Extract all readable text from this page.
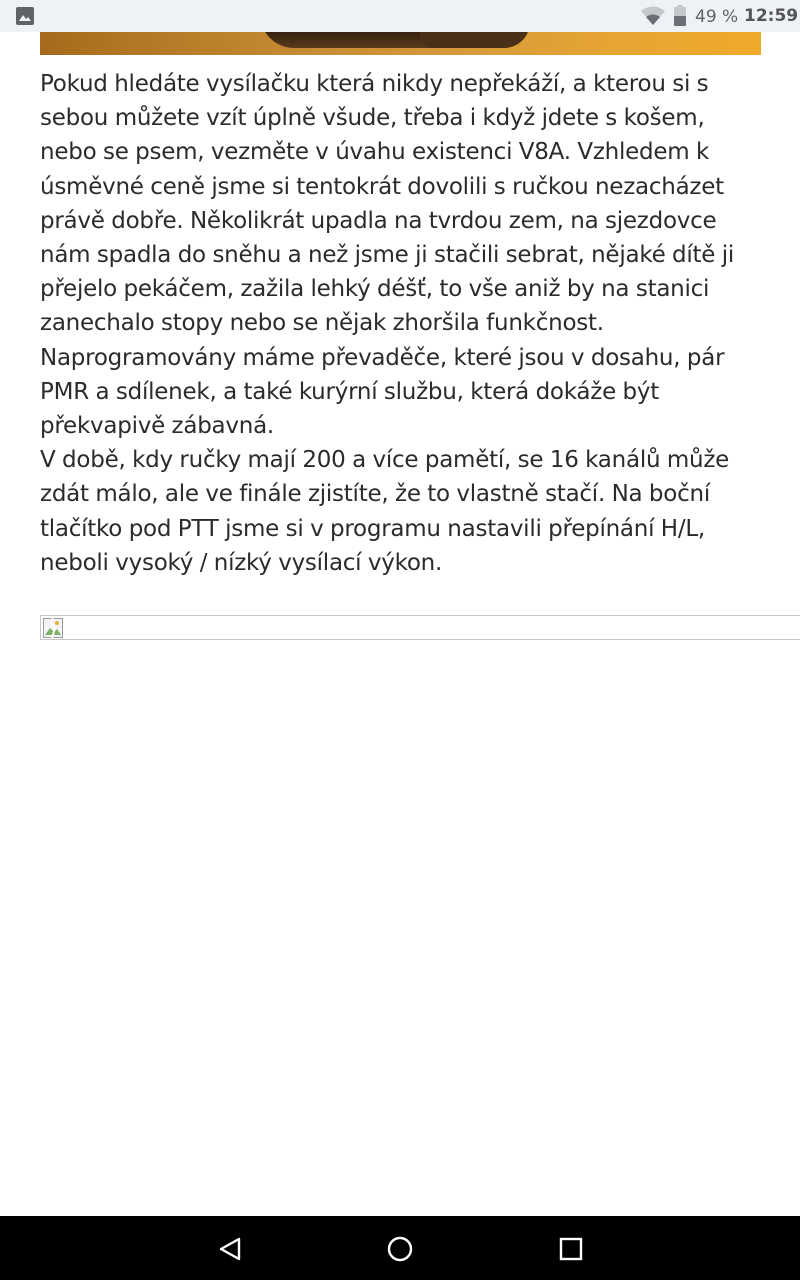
49 % 12:59

Pokud hledáte vysílačku která nikdy nepřekáží, a kterou si s

sebou můžete vzít úplně všude, třeba i když jdete s košem,

nebo se psem, vezměte v úvahu existenci V8A. Vzhledem k

úsměvné ceně jsme si tentokrát dovolili s ručkou nezacházet

právě dobře. Několikrát upadla na tvrdou zem, na sjezdovce

nám spadla do sněhu a než jsme ji stačili sebrat, nějaké dítě ji

přejelo pekáčem, zažila lehký déšť, to vše aniž by na stanici

zanechalo stopy nebo se nějak zhoršila funkčnost.

Naprogramovány máme převaděče, které jsou v dosahu, pár

PMR a sdílenek, a také kurýrní službu, která dokáže být

překvapivě zábavná.

V době, kdy ručky mají 200 a více pamětí, se 16 kanálů může

zdát málo, ale ve finále zjistíte, že to vlastně stačí. Na boční

tlačítko pod PTT jsme si v programu nastavili přepínání H/L,

neboli vysoký / nízký vysílací výkon.
